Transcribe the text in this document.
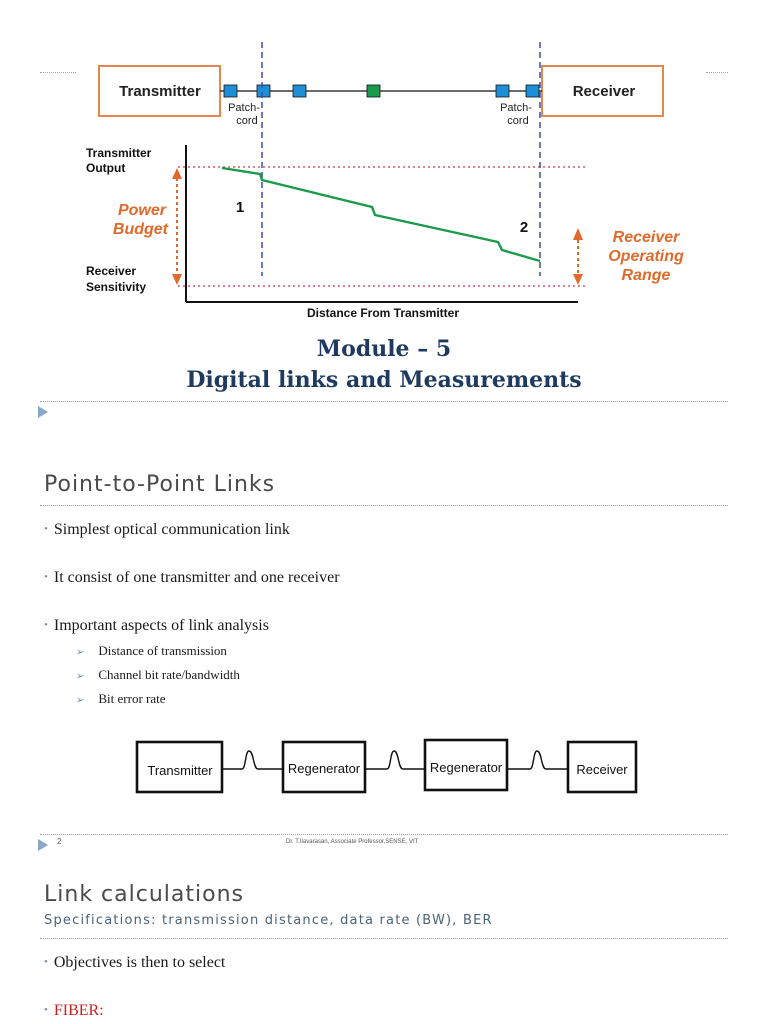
Transmitter	Receiver
Patch-
cord
Patch-
cord
1
2
Transmitter
Output
Receiver
Sensitivity
Power
Budget	Receiver
Operating
Range
Distance From Transmitter
Module – 5
Digital links and Measurements
Point-to-Point Links
• Simplest optical communication link
• It consist of one transmitter and one receiver
• Important aspects of link analysis
➢ Distance of transmission
➢ Channel bit rate/bandwidth
➢ Bit error rate
Transmitter	Regenerator	Regenerator	Receiver
2	Dr. T.Ilavarasan, Associate Professor,SENSE, VIT
Link calculations
Specifications: transmission distance, data rate (BW), BER
• Objectives is then to select
• FIBER:
